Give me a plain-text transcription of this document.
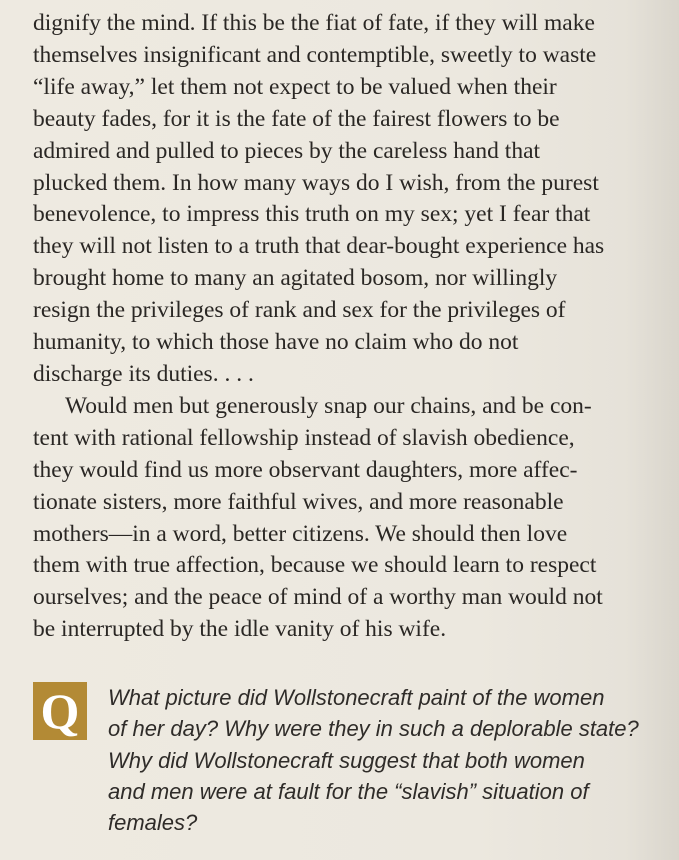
dignify the mind. If this be the fiat of fate, if they will make
themselves insignificant and contemptible, sweetly to waste
“life away,” let them not expect to be valued when their
beauty fades, for it is the fate of the fairest flowers to be
admired and pulled to pieces by the careless hand that
plucked them. In how many ways do I wish, from the purest
benevolence, to impress this truth on my sex; yet I fear that
they will not listen to a truth that dear-bought experience has
brought home to many an agitated bosom, nor willingly
resign the privileges of rank and sex for the privileges of
humanity, to which those have no claim who do not
discharge its duties. . . .
Would men but generously snap our chains, and be con-
tent with rational fellowship instead of slavish obedience,
they would find us more observant daughters, more affec-
tionate sisters, more faithful wives, and more reasonable
mothers—in a word, better citizens. We should then love
them with true affection, because we should learn to respect
ourselves; and the peace of mind of a worthy man would not
be interrupted by the idle vanity of his wife.
Q What picture did Wollstonecraft paint of the women
of her day? Why were they in such a deplorable state?
Why did Wollstonecraft suggest that both women
and men were at fault for the “slavish” situation of
females?
